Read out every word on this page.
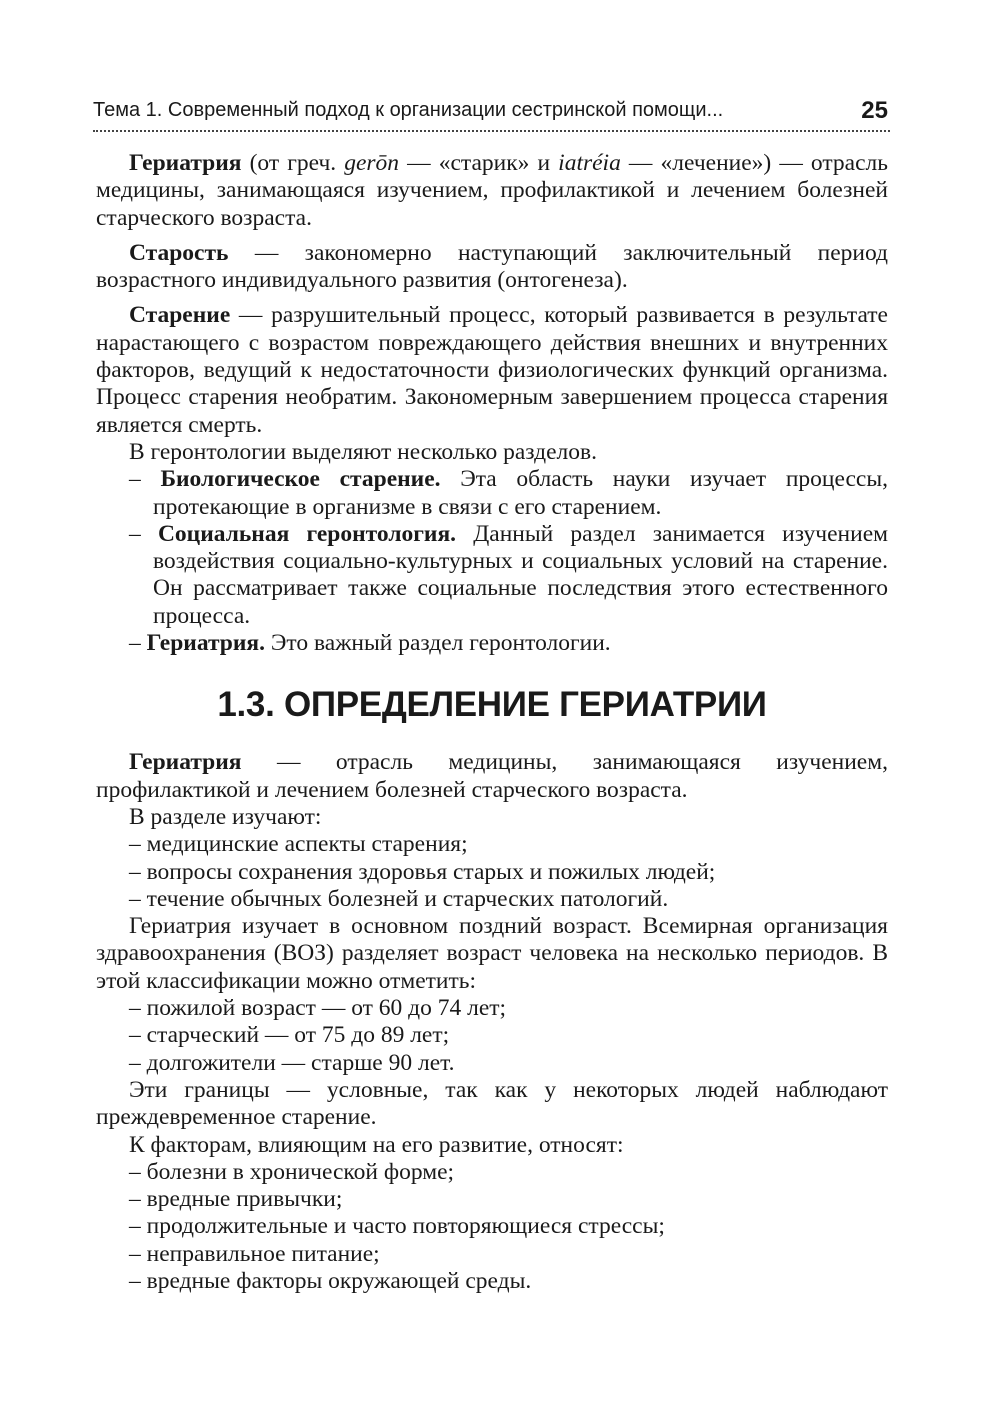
Тема 1. Современный подход к организации сестринской помощи...	25

Гериатрия (от греч. gerōn — «старик» и iatréia — «лечение») — отрасль медицины, занимающаяся изучением, профилактикой и лечением болезней старческого возраста.

Старость — закономерно наступающий заключительный период возрастного индивидуального развития (онтогенеза).

Старение — разрушительный процесс, который развивается в результате нарастающего с возрастом повреждающего действия внешних и внутренних факторов, ведущий к недостаточности физиологических функций организма. Процесс старения необратим. Закономерным завершением процесса старения является смерть.

В геронтологии выделяют несколько разделов.

– Биологическое старение. Эта область науки изучает процессы, протекающие в организме в связи с его старением.

– Социальная геронтология. Данный раздел занимается изучением воздействия социально-культурных и социальных условий на старение. Он рассматривает также социальные последствия этого естественного процесса.

– Гериатрия. Это важный раздел геронтологии.

1.3. ОПРЕДЕЛЕНИЕ ГЕРИАТРИИ

Гериатрия — отрасль медицины, занимающаяся изучением, профилактикой и лечением болезней старческого возраста.

В разделе изучают:

– медицинские аспекты старения;

– вопросы сохранения здоровья старых и пожилых людей;

– течение обычных болезней и старческих патологий.

Гериатрия изучает в основном поздний возраст. Всемирная организация здравоохранения (ВОЗ) разделяет возраст человека на несколько периодов. В этой классификации можно отметить:

– пожилой возраст — от 60 до 74 лет;

– старческий — от 75 до 89 лет;

– долгожители — старше 90 лет.

Эти границы — условные, так как у некоторых людей наблюдают преждевременное старение.

К факторам, влияющим на его развитие, относят:

– болезни в хронической форме;

– вредные привычки;

– продолжительные и часто повторяющиеся стрессы;

– неправильное питание;

– вредные факторы окружающей среды.
